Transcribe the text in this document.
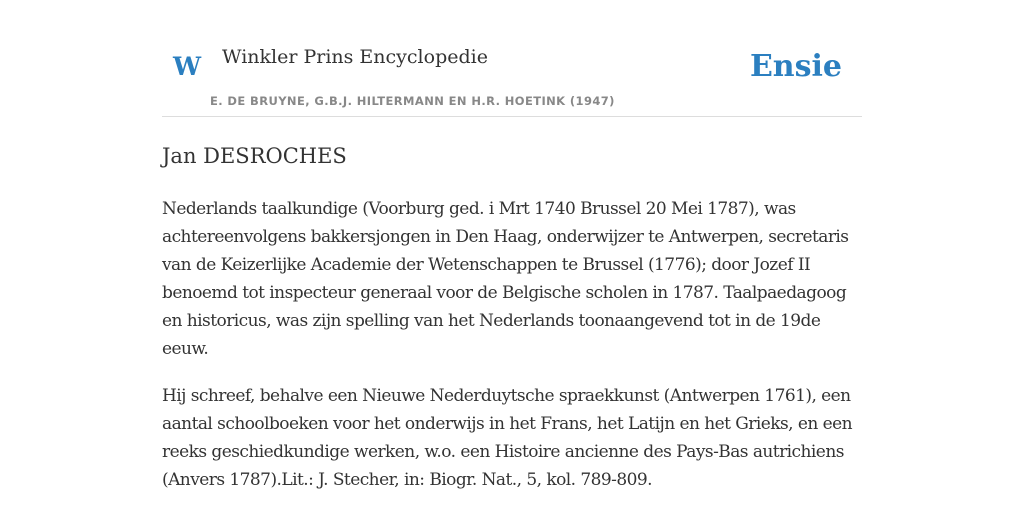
W Winkler Prins Encyclopedie	Ensie
E. DE BRUYNE, G.B.J. HILTERMANN EN H.R. HOETINK (1947)
Jan DESROCHES

Nederlands taalkundige (Voorburg ged. i Mrt 1740 Brussel 20 Mei 1787), was achtereenvolgens bakkersjongen in Den Haag, onderwijzer te Antwerpen, secretaris van de Keizerlijke Academie der Wetenschappen te Brussel (1776); door Jozef II benoemd tot inspecteur generaal voor de Belgische scholen in 1787. Taalpaedagoog en historicus, was zijn spelling van het Nederlands toonaangevend tot in de 19de eeuw.

Hij schreef, behalve een Nieuwe Nederduytsche spraekkunst (Antwerpen 1761), een aantal schoolboeken voor het onderwijs in het Frans, het Latijn en het Grieks, en een reeks geschiedkundige werken, w.o. een Histoire ancienne des Pays-Bas autrichiens (Anvers 1787).Lit.: J. Stecher, in: Biogr. Nat., 5, kol. 789-809.
